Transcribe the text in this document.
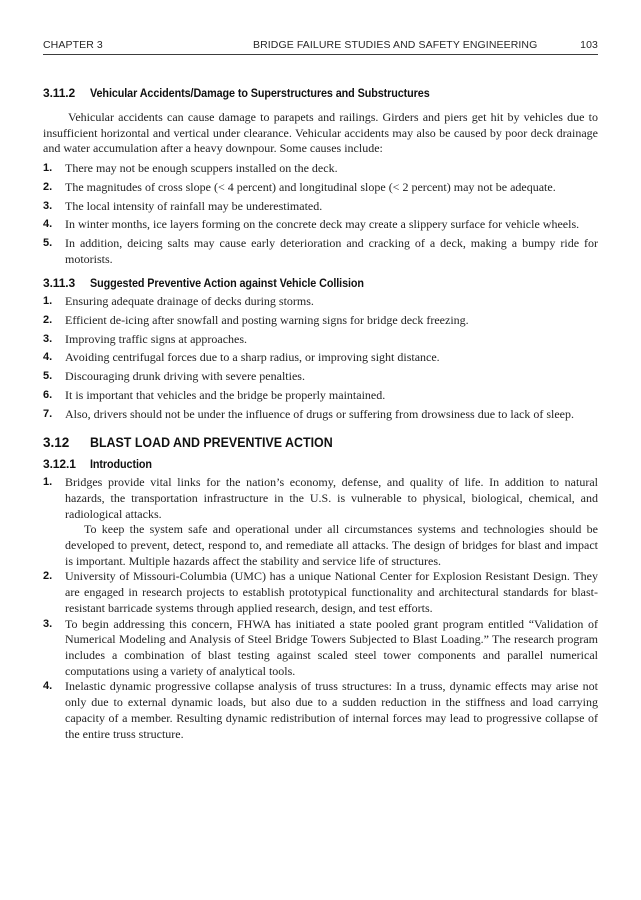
CHAPTER 3	BRIDGE FAILURE STUDIES AND SAFETY ENGINEERING	103
3.11.2	Vehicular Accidents/Damage to Superstructures and Substructures

Vehicular accidents can cause damage to parapets and railings. Girders and piers get hit by vehicles due to insufficient horizontal and vertical under clearance. Vehicular accidents may also be caused by poor deck drainage and water accumulation after a heavy downpour. Some causes include:

1.	There may not be enough scuppers installed on the deck.
2.	The magnitudes of cross slope (< 4 percent) and longitudinal slope (< 2 percent) may not be adequate.
3.	The local intensity of rainfall may be underestimated.
4.	In winter months, ice layers forming on the concrete deck may create a slippery surface for vehicle wheels.
5.	In addition, deicing salts may cause early deterioration and cracking of a deck, making a bumpy ride for motorists.
3.11.3	Suggested Preventive Action against Vehicle Collision
1.	Ensuring adequate drainage of decks during storms.
2.	Efficient de-icing after snowfall and posting warning signs for bridge deck freezing.
3.	Improving traffic signs at approaches.
4.	Avoiding centrifugal forces due to a sharp radius, or improving sight distance.
5.	Discouraging drunk driving with severe penalties.
6.	It is important that vehicles and the bridge be properly maintained.
7.	Also, drivers should not be under the influence of drugs or suffering from drowsiness due to lack of sleep.
3.12	BLAST LOAD AND PREVENTIVE ACTION
3.12.1	Introduction
1.	Bridges provide vital links for the nation’s economy, defense, and quality of life. In addition to natural hazards, the transportation infrastructure in the U.S. is vulnerable to physical, biological, chemical, and radiological attacks.

To keep the system safe and operational under all circumstances systems and technologies should be developed to prevent, detect, respond to, and remediate all attacks. The design of bridges for blast and impact is important. Multiple hazards affect the stability and service life of structures.

2.	University of Missouri-Columbia (UMC) has a unique National Center for Explosion Resistant Design. They are engaged in research projects to establish prototypical functionality and architectural standards for blast-resistant barricade systems through applied research, design, and test efforts.
3.	To begin addressing this concern, FHWA has initiated a state pooled grant program entitled “Validation of Numerical Modeling and Analysis of Steel Bridge Towers Subjected to Blast Loading.” The research program includes a combination of blast testing against scaled steel tower components and parallel numerical computations using a variety of analytical tools.
4.	Inelastic dynamic progressive collapse analysis of truss structures: In a truss, dynamic effects may arise not only due to external dynamic loads, but also due to a sudden reduction in the stiffness and load carrying capacity of a member. Resulting dynamic redistribution of internal forces may lead to progressive collapse of the entire truss structure.
